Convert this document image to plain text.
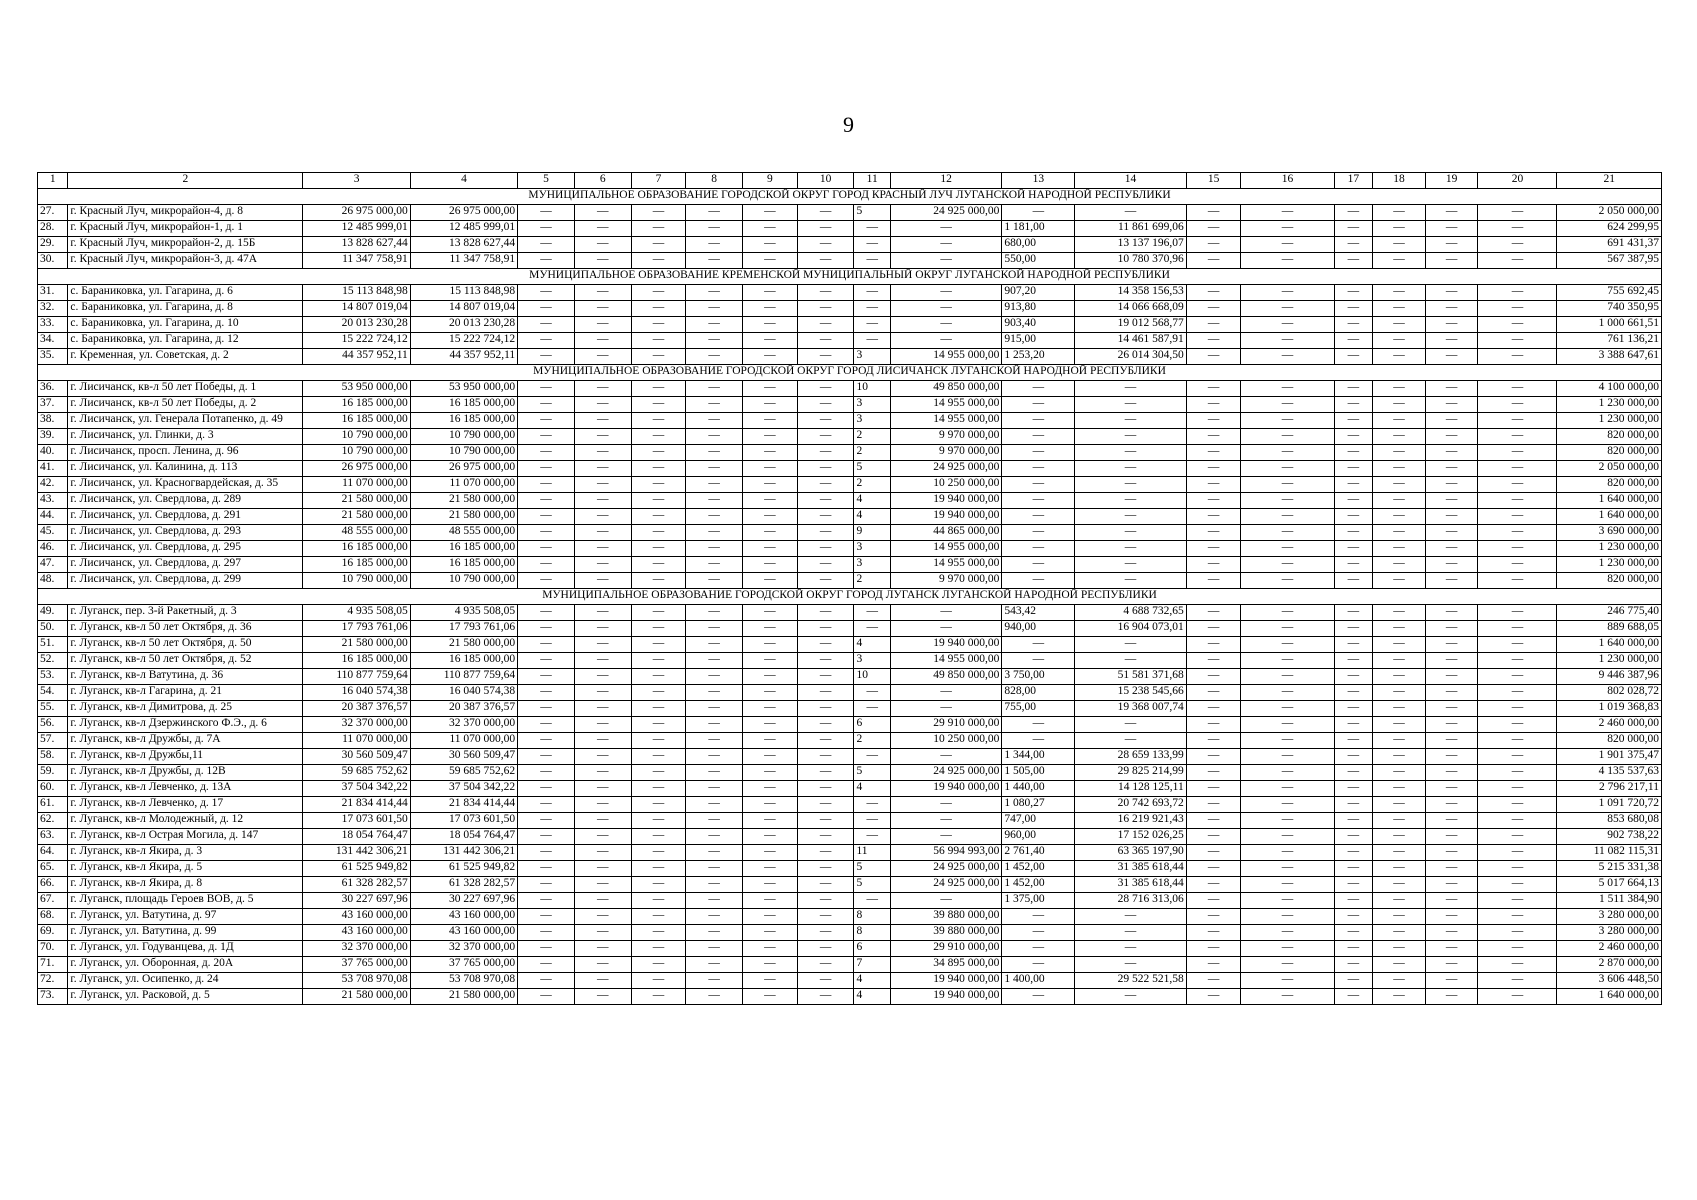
9
1	2	3	4	5	6	7	8	9	10	11	12	13	14	15	16	17	18	19	20	21
МУНИЦИПАЛЬНОЕ ОБРАЗОВАНИЕ ГОРОДСКОЙ ОКРУГ ГОРОД КРАСНЫЙ ЛУЧ ЛУГАНСКОЙ НАРОДНОЙ РЕСПУБЛИКИ																				
27.	г. Красный Луч, микрорайон-4, д. 8	26 975 000,00	26 975 000,00	—	—	—	—	—	—	5	24 925 000,00	—	—	—	—	—	—	—	—	2 050 000,00
28.	г. Красный Луч, микрорайон-1, д. 1	12 485 999,01	12 485 999,01	—	—	—	—	—	—	—	—	1 181,00	11 861 699,06	—	—	—	—	—	—	624 299,95
29.	г. Красный Луч, микрорайон-2, д. 15Б	13 828 627,44	13 828 627,44	—	—	—	—	—	—	—	—	680,00	13 137 196,07	—	—	—	—	—	—	691 431,37
30.	г. Красный Луч, микрорайон-3, д. 47А	11 347 758,91	11 347 758,91	—	—	—	—	—	—	—	—	550,00	10 780 370,96	—	—	—	—	—	—	567 387,95
МУНИЦИПАЛЬНОЕ ОБРАЗОВАНИЕ КРЕМЕНСКОЙ МУНИЦИПАЛЬНЫЙ ОКРУГ ЛУГАНСКОЙ НАРОДНОЙ РЕСПУБЛИКИ																				
31.	с. Бараниковка, ул. Гагарина, д. 6	15 113 848,98	15 113 848,98	—	—	—	—	—	—	—	—	907,20	14 358 156,53	—	—	—	—	—	—	755 692,45
32.	с. Бараниковка, ул. Гагарина, д. 8	14 807 019,04	14 807 019,04	—	—	—	—	—	—	—	—	913,80	14 066 668,09	—	—	—	—	—	—	740 350,95
33.	с. Бараниковка, ул. Гагарина, д. 10	20 013 230,28	20 013 230,28	—	—	—	—	—	—	—	—	903,40	19 012 568,77	—	—	—	—	—	—	1 000 661,51
34.	с. Бараниковка, ул. Гагарина, д. 12	15 222 724,12	15 222 724,12	—	—	—	—	—	—	—	—	915,00	14 461 587,91	—	—	—	—	—	—	761 136,21
35.	г. Кременная, ул. Советская, д. 2	44 357 952,11	44 357 952,11	—	—	—	—	—	—	3	14 955 000,00	1 253,20	26 014 304,50	—	—	—	—	—	—	3 388 647,61
МУНИЦИПАЛЬНОЕ ОБРАЗОВАНИЕ ГОРОДСКОЙ ОКРУГ ГОРОД ЛИСИЧАНСК ЛУГАНСКОЙ НАРОДНОЙ РЕСПУБЛИКИ																				
36.	г. Лисичанск, кв-л 50 лет Победы, д. 1	53 950 000,00	53 950 000,00	—	—	—	—	—	—	10	49 850 000,00	—	—	—	—	—	—	—	—	4 100 000,00
37.	г. Лисичанск, кв-л 50 лет Победы, д. 2	16 185 000,00	16 185 000,00	—	—	—	—	—	—	3	14 955 000,00	—	—	—	—	—	—	—	—	1 230 000,00
38.	г. Лисичанск, ул. Генерала Потапенко, д. 49	16 185 000,00	16 185 000,00	—	—	—	—	—	—	3	14 955 000,00	—	—	—	—	—	—	—	—	1 230 000,00
39.	г. Лисичанск, ул. Глинки, д. 3	10 790 000,00	10 790 000,00	—	—	—	—	—	—	2	9 970 000,00	—	—	—	—	—	—	—	—	820 000,00
40.	г. Лисичанск, просп. Ленина, д. 96	10 790 000,00	10 790 000,00	—	—	—	—	—	—	2	9 970 000,00	—	—	—	—	—	—	—	—	820 000,00
41.	г. Лисичанск, ул. Калинина, д. 113	26 975 000,00	26 975 000,00	—	—	—	—	—	—	5	24 925 000,00	—	—	—	—	—	—	—	—	2 050 000,00
42.	г. Лисичанск, ул. Красногвардейская, д. 35	11 070 000,00	11 070 000,00	—	—	—	—	—	—	2	10 250 000,00	—	—	—	—	—	—	—	—	820 000,00
43.	г. Лисичанск, ул. Свердлова, д. 289	21 580 000,00	21 580 000,00	—	—	—	—	—	—	4	19 940 000,00	—	—	—	—	—	—	—	—	1 640 000,00
44.	г. Лисичанск, ул. Свердлова, д. 291	21 580 000,00	21 580 000,00	—	—	—	—	—	—	4	19 940 000,00	—	—	—	—	—	—	—	—	1 640 000,00
45.	г. Лисичанск, ул. Свердлова, д. 293	48 555 000,00	48 555 000,00	—	—	—	—	—	—	9	44 865 000,00	—	—	—	—	—	—	—	—	3 690 000,00
46.	г. Лисичанск, ул. Свердлова, д. 295	16 185 000,00	16 185 000,00	—	—	—	—	—	—	3	14 955 000,00	—	—	—	—	—	—	—	—	1 230 000,00
47.	г. Лисичанск, ул. Свердлова, д. 297	16 185 000,00	16 185 000,00	—	—	—	—	—	—	3	14 955 000,00	—	—	—	—	—	—	—	—	1 230 000,00
48.	г. Лисичанск, ул. Свердлова, д. 299	10 790 000,00	10 790 000,00	—	—	—	—	—	—	2	9 970 000,00	—	—	—	—	—	—	—	—	820 000,00
МУНИЦИПАЛЬНОЕ ОБРАЗОВАНИЕ ГОРОДСКОЙ ОКРУГ ГОРОД ЛУГАНСК ЛУГАНСКОЙ НАРОДНОЙ РЕСПУБЛИКИ																				
49.	г. Луганск, пер. 3-й Ракетный, д. 3	4 935 508,05	4 935 508,05	—	—	—	—	—	—	—	—	543,42	4 688 732,65	—	—	—	—	—	—	246 775,40
50.	г. Луганск, кв-л 50 лет Октября, д. 36	17 793 761,06	17 793 761,06	—	—	—	—	—	—	—	—	940,00	16 904 073,01	—	—	—	—	—	—	889 688,05
51.	г. Луганск, кв-л 50 лет Октября, д. 50	21 580 000,00	21 580 000,00	—	—	—	—	—	—	4	19 940 000,00	—	—	—	—	—	—	—	—	1 640 000,00
52.	г. Луганск, кв-л 50 лет Октября, д. 52	16 185 000,00	16 185 000,00	—	—	—	—	—	—	3	14 955 000,00	—	—	—	—	—	—	—	—	1 230 000,00
53.	г. Луганск, кв-л Ватутина, д. 36	110 877 759,64	110 877 759,64	—	—	—	—	—	—	10	49 850 000,00	3 750,00	51 581 371,68	—	—	—	—	—	—	9 446 387,96
54.	г. Луганск, кв-л Гагарина, д. 21	16 040 574,38	16 040 574,38	—	—	—	—	—	—	—	—	828,00	15 238 545,66	—	—	—	—	—	—	802 028,72
55.	г. Луганск, кв-л Димитрова, д. 25	20 387 376,57	20 387 376,57	—	—	—	—	—	—	—	—	755,00	19 368 007,74	—	—	—	—	—	—	1 019 368,83
56.	г. Луганск, кв-л Дзержинского Ф.Э., д. 6	32 370 000,00	32 370 000,00	—	—	—	—	—	—	6	29 910 000,00	—	—	—	—	—	—	—	—	2 460 000,00
57.	г. Луганск, кв-л Дружбы, д. 7А	11 070 000,00	11 070 000,00	—	—	—	—	—	—	2	10 250 000,00	—	—	—	—	—	—	—	—	820 000,00
58.	г. Луганск, кв-л Дружбы,11	30 560 509,47	30 560 509,47	—	—	—	—	—	—	—	—	1 344,00	28 659 133,99	—	—	—	—	—	—	1 901 375,47
59.	г. Луганск, кв-л Дружбы, д. 12В	59 685 752,62	59 685 752,62	—	—	—	—	—	—	5	24 925 000,00	1 505,00	29 825 214,99	—	—	—	—	—	—	4 135 537,63
60.	г. Луганск, кв-л Левченко, д. 13А	37 504 342,22	37 504 342,22	—	—	—	—	—	—	4	19 940 000,00	1 440,00	14 128 125,11	—	—	—	—	—	—	2 796 217,11
61.	г. Луганск, кв-л Левченко, д. 17	21 834 414,44	21 834 414,44	—	—	—	—	—	—	—	—	1 080,27	20 742 693,72	—	—	—	—	—	—	1 091 720,72
62.	г. Луганск, кв-л Молодежный, д. 12	17 073 601,50	17 073 601,50	—	—	—	—	—	—	—	—	747,00	16 219 921,43	—	—	—	—	—	—	853 680,08
63.	г. Луганск, кв-л Острая Могила, д. 147	18 054 764,47	18 054 764,47	—	—	—	—	—	—	—	—	960,00	17 152 026,25	—	—	—	—	—	—	902 738,22
64.	г. Луганск, кв-л Якира, д. 3	131 442 306,21	131 442 306,21	—	—	—	—	—	—	11	56 994 993,00	2 761,40	63 365 197,90	—	—	—	—	—	—	11 082 115,31
65.	г. Луганск, кв-л Якира, д. 5	61 525 949,82	61 525 949,82	—	—	—	—	—	—	5	24 925 000,00	1 452,00	31 385 618,44	—	—	—	—	—	—	5 215 331,38
66.	г. Луганск, кв-л Якира, д. 8	61 328 282,57	61 328 282,57	—	—	—	—	—	—	5	24 925 000,00	1 452,00	31 385 618,44	—	—	—	—	—	—	5 017 664,13
67.	г. Луганск, площадь Героев ВОВ, д. 5	30 227 697,96	30 227 697,96	—	—	—	—	—	—	—	—	1 375,00	28 716 313,06	—	—	—	—	—	—	1 511 384,90
68.	г. Луганск, ул. Ватутина, д. 97	43 160 000,00	43 160 000,00	—	—	—	—	—	—	8	39 880 000,00	—	—	—	—	—	—	—	—	3 280 000,00
69.	г. Луганск, ул. Ватутина, д. 99	43 160 000,00	43 160 000,00	—	—	—	—	—	—	8	39 880 000,00	—	—	—	—	—	—	—	—	3 280 000,00
70.	г. Луганск, ул. Годуванцева, д. 1Д	32 370 000,00	32 370 000,00	—	—	—	—	—	—	6	29 910 000,00	—	—	—	—	—	—	—	—	2 460 000,00
71.	г. Луганск, ул. Оборонная, д. 20А	37 765 000,00	37 765 000,00	—	—	—	—	—	—	7	34 895 000,00	—	—	—	—	—	—	—	—	2 870 000,00
72.	г. Луганск, ул. Осипенко, д. 24	53 708 970,08	53 708 970,08	—	—	—	—	—	—	4	19 940 000,00	1 400,00	29 522 521,58	—	—	—	—	—	—	3 606 448,50
73.	г. Луганск, ул. Расковой, д. 5	21 580 000,00	21 580 000,00	—	—	—	—	—	—	4	19 940 000,00	—	—	—	—	—	—	—	—	1 640 000,00
